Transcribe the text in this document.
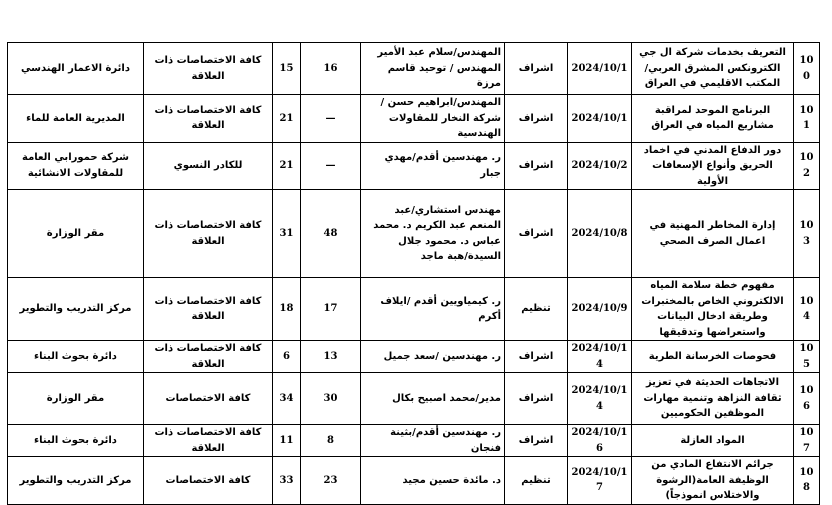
دائرة الاعمار الهندسي	كافة الاختصاصات ذات العلاقة	15	16	المهندس/سلام عبد الأمير المهندس / توحيد قاسم مرزة	اشراف	2024/10/1	التعريف بخدمات شركة ال جي الكترونكس المشرق العربي/المكتب الاقليمي في العراق	100
المديرية العامة للماء	كافة الاختصاصات ذات العلاقة	21	—	المهندس/ابراهيم حسن /شركة النخار للمقاولات الهندسية	اشراف	2024/10/1	البرنامج الموحد لمراقبة مشاريع المياه في العراق	101
شركة حمورابي العامة للمقاولات الانشائية	للكادر النسوي	21	—	ر. مهندسين أقدم/مهدي جبار	اشراف	2024/10/2	دور الدفاع المدني في اخماد الحريق وأنواع الإسعافات الأولية	102
مقر الوزارة	كافة الاختصاصات ذات العلاقة	31	48	مهندس استشاري/عبد المنعم عبد الكريم د. محمد عباس د. محمود جلال السيدة/هبة ماجد	اشراف	2024/10/8	إدارة المخاطر المهنية في اعمال الصرف الصحي	103
مركز التدريب والتطوير	كافة الاختصاصات ذات العلاقة	18	17	ر. كيمياويين أقدم /ايلاف أكرم	تنظيم	2024/10/9	مفهوم خطة سلامة المياه الالكتروني الخاص بالمختبرات وطريقة ادخال البيانات واستعراضها وتدقيقها	104
دائرة بحوث البناء	كافة الاختصاصات ذات العلاقة	6	13	ر. مهندسين /سعد جميل	اشراف	2024/10/14	فحوصات الخرسانة الطرية	105
مقر الوزارة	كافة الاختصاصات	34	30	مدير/محمد اصبيح بكال	اشراف	2024/10/14	الاتجاهات الحديثة في تعزيز ثقافة النزاهة وتنمية مهارات الموظفين الحكوميين	106
دائرة بحوث البناء	كافة الاختصاصات ذات العلاقة	11	8	ر. مهندسين أقدم/بثينة فنجان	اشراف	2024/10/16	المواد العازلة	107
مركز التدريب والتطوير	كافة الاختصاصات	33	23	د. مائدة حسين مجيد	تنظيم	2024/10/17	جرائم الانتفاع المادي من الوظيفة العامة(الرشوة والاختلاس انموذجاً)	108
